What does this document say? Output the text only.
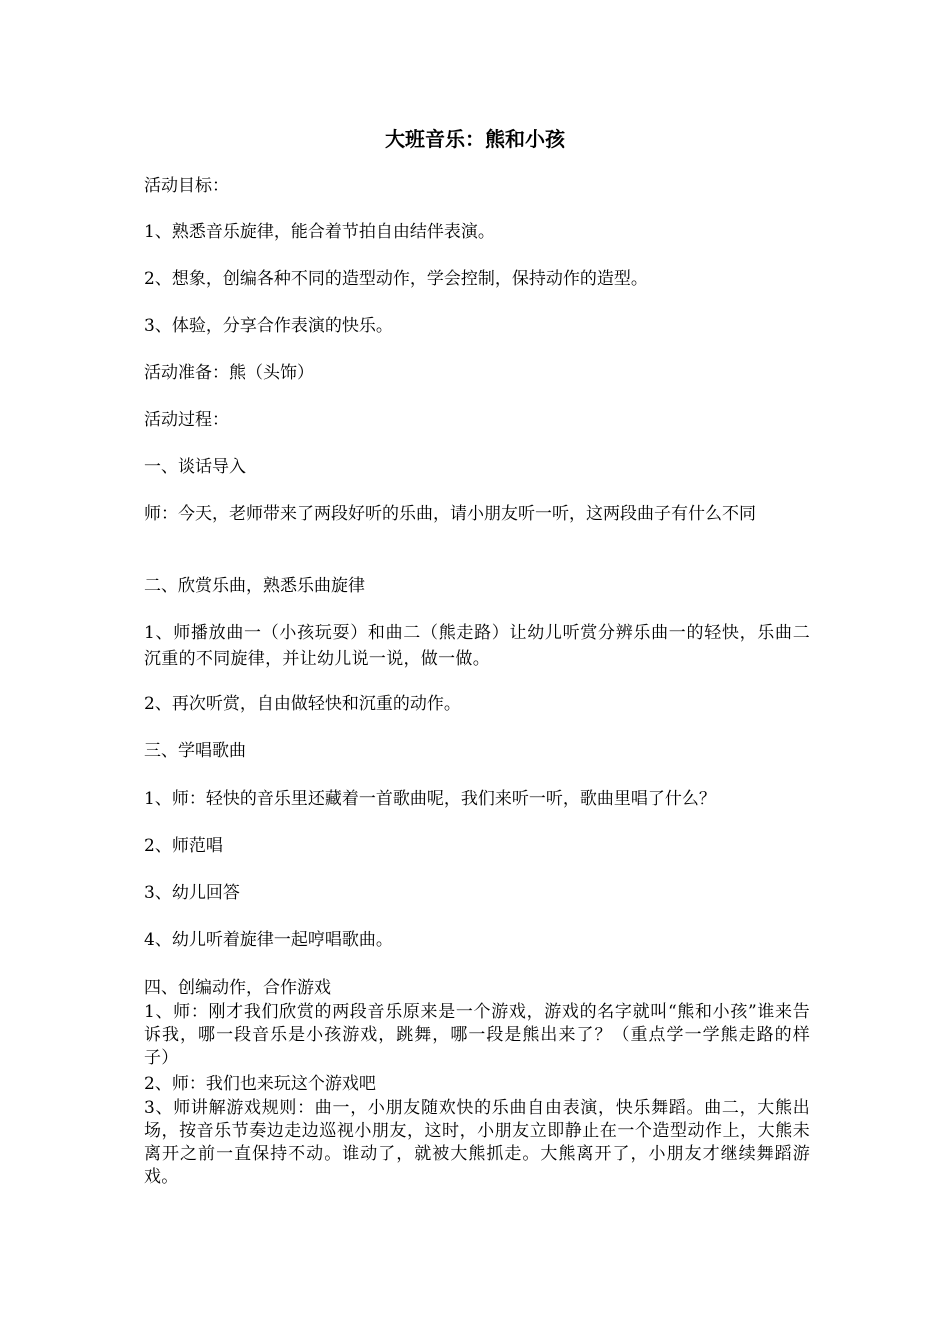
大班音乐：熊和小孩
活动目标：
1、熟悉音乐旋律，能合着节拍自由结伴表演。
2、想象，创编各种不同的造型动作，学会控制，保持动作的造型。
3、体验，分享合作表演的快乐。
活动准备：熊（头饰）
活动过程：
一、谈话导入
师：今天，老师带来了两段好听的乐曲，请小朋友听一听，这两段曲子有什么不同
二、欣赏乐曲，熟悉乐曲旋律
1、师播放曲一（小孩玩耍）和曲二（熊走路）让幼儿听赏分辨乐曲一的轻快，乐曲二沉重的不同旋律，并让幼儿说一说，做一做。
2、再次听赏，自由做轻快和沉重的动作。
三、学唱歌曲
1、师：轻快的音乐里还藏着一首歌曲呢，我们来听一听，歌曲里唱了什么？
2、师范唱
3、幼儿回答
4、幼儿听着旋律一起哼唱歌曲。
四、创编动作，合作游戏
1、师：刚才我们欣赏的两段音乐原来是一个游戏，游戏的名字就叫“熊和小孩”谁来告诉我，哪一段音乐是小孩游戏，跳舞，哪一段是熊出来了？（重点学一学熊走路的样子）
2、师：我们也来玩这个游戏吧
3、师讲解游戏规则：曲一，小朋友随欢快的乐曲自由表演，快乐舞蹈。曲二，大熊出场，按音乐节奏边走边巡视小朋友，这时，小朋友立即静止在一个造型动作上，大熊未离开之前一直保持不动。谁动了，就被大熊抓走。大熊离开了，小朋友才继续舞蹈游戏。
